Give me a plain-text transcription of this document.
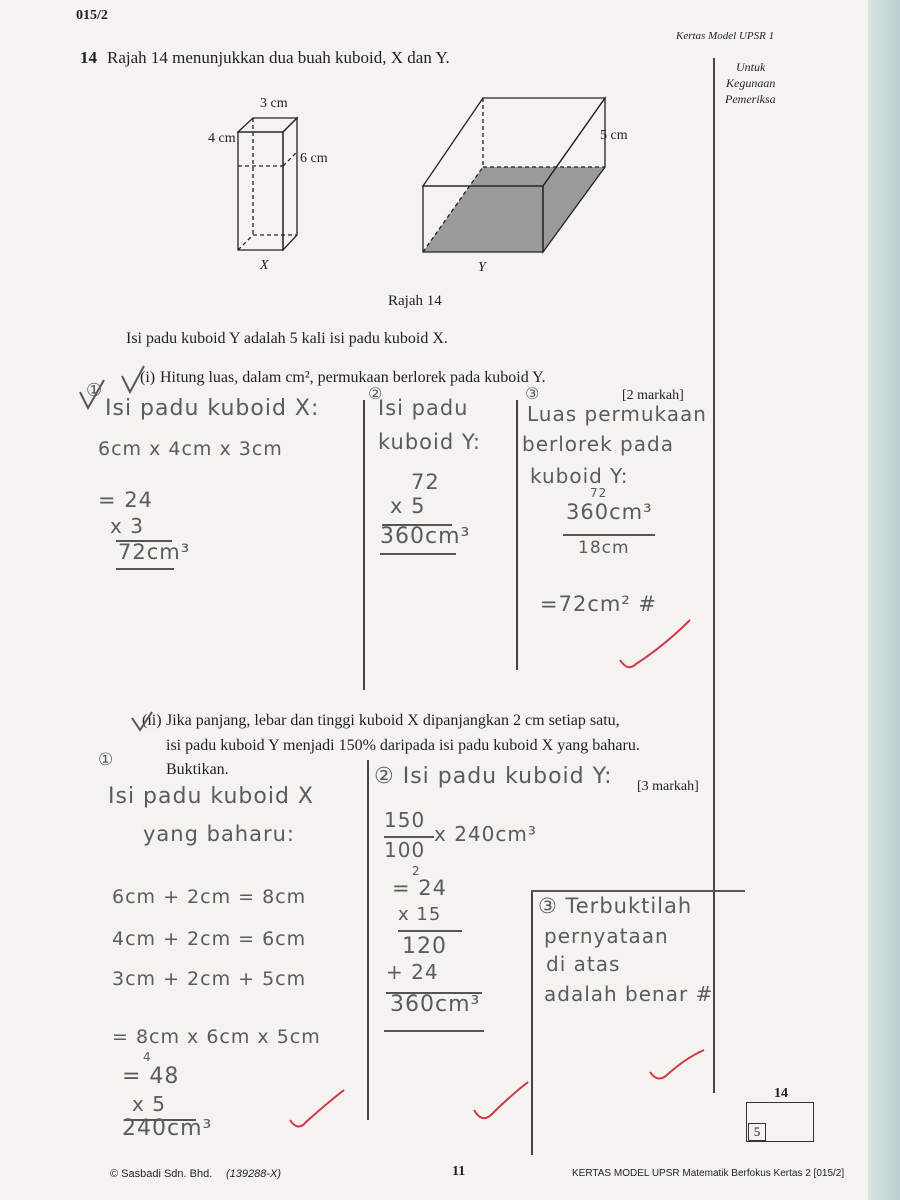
015/2
Kertas Model UPSR 1
Untuk
Kegunaan
Pemeriksa
14 Rajah 14 menunjukkan dua buah kuboid, X dan Y.
3 cm
4 cm
6 cm
X
5 cm
Y
Rajah 14
Isi padu kuboid Y adalah 5 kali isi padu kuboid X.
(i) Hitung luas, dalam cm², permukaan berlorek pada kuboid Y.
[2 markah]
①
Isi padu kuboid X:
6cm x 4cm x 3cm
= 24
x 3
72cm³
②
Isi padu
kuboid Y:
72
x 5
360cm³
③
Luas permukaan
berlorek pada
kuboid Y:
72
360cm³
18cm
=72cm² #
(ii) Jika panjang, lebar dan tinggi kuboid X dipanjangkan 2 cm setiap satu,
isi padu kuboid Y menjadi 150% daripada isi padu kuboid X yang baharu.
Buktikan.
[3 markah]
①
Isi padu kuboid X
yang baharu:
6cm + 2cm = 8cm
4cm + 2cm = 6cm
3cm + 2cm + 5cm
= 8cm x 6cm x 5cm
4
= 48
x 5
240cm³
② Isi padu kuboid Y:
150
100
x 240cm³
2
= 24
x 15
120
+ 24
360cm³
③ Terbuktilah
pernyataan
di atas
adalah benar #
14
5
© Sasbadi Sdn. Bhd. (139288-X)	11	KERTAS MODEL UPSR Matematik Berfokus Kertas 2 [015/2]
